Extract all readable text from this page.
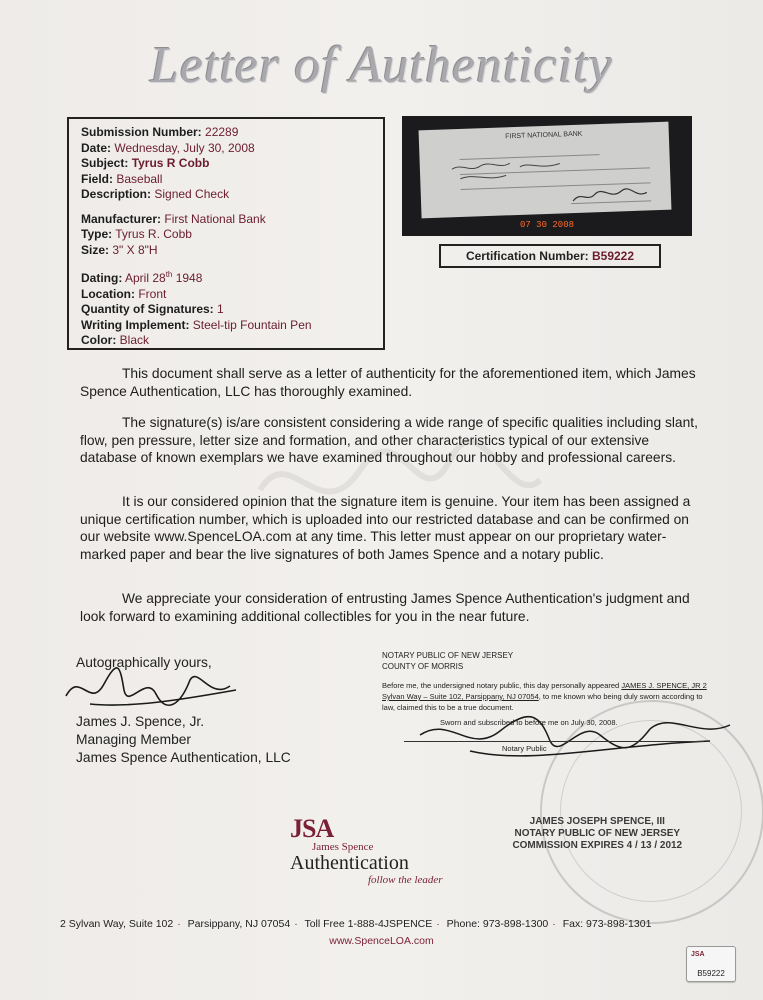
Letter of Authenticity
Submission Number: 22289
Date: Wednesday, July 30, 2008
Subject: Tyrus R Cobb
Field: Baseball
Description: Signed Check
Manufacturer: First National Bank
Type: Tyrus R. Cobb
Size: 3" X 8"H
Dating: April 28th 1948
Location: Front
Quantity of Signatures: 1
Writing Implement: Steel-tip Fountain Pen
Color: Black
FIRST NATIONAL BANK
07 30 2008
Certification Number: B59222

This document shall serve as a letter of authenticity for the aforementioned item, which James Spence Authentication, LLC has thoroughly examined.

The signature(s) is/are consistent considering a wide range of specific qualities including slant, flow, pen pressure, letter size and formation, and other characteristics typical of our extensive database of known exemplars we have examined throughout our hobby and professional careers.

It is our considered opinion that the signature item is genuine. Your item has been assigned a unique certification number, which is uploaded into our restricted database and can be confirmed on our website www.SpenceLOA.com at any time. This letter must appear on our proprietary water-marked paper and bear the live signatures of both James Spence and a notary public.

We appreciate your consideration of entrusting James Spence Authentication's judgment and look forward to examining additional collectibles for you in the near future.

Autographically yours,
James J. Spence, Jr.
Managing Member
James Spence Authentication, LLC
NOTARY PUBLIC OF NEW JERSEY
COUNTY OF MORRIS
Before me, the undersigned notary public, this day personally appeared JAMES J. SPENCE, JR 2 Sylvan Way – Suite 102, Parsippany, NJ 07054, to me known who being duly sworn according to law, claimed this to be a true document.
Sworn and subscribed to before me on July 30, 2008.
Notary Public
JAMES JOSEPH SPENCE, III
NOTARY PUBLIC OF NEW JERSEY
COMMISSION EXPIRES 4 / 13 / 2012
JSA
James Spence
Authentication
follow the leader
2 Sylvan Way, Suite 102 · Parsippany, NJ 07054 · Toll Free 1-888-4JSPENCE · Phone: 973-898-1300 · Fax: 973-898-1301
www.SpenceLOA.com
JSA
B59222
